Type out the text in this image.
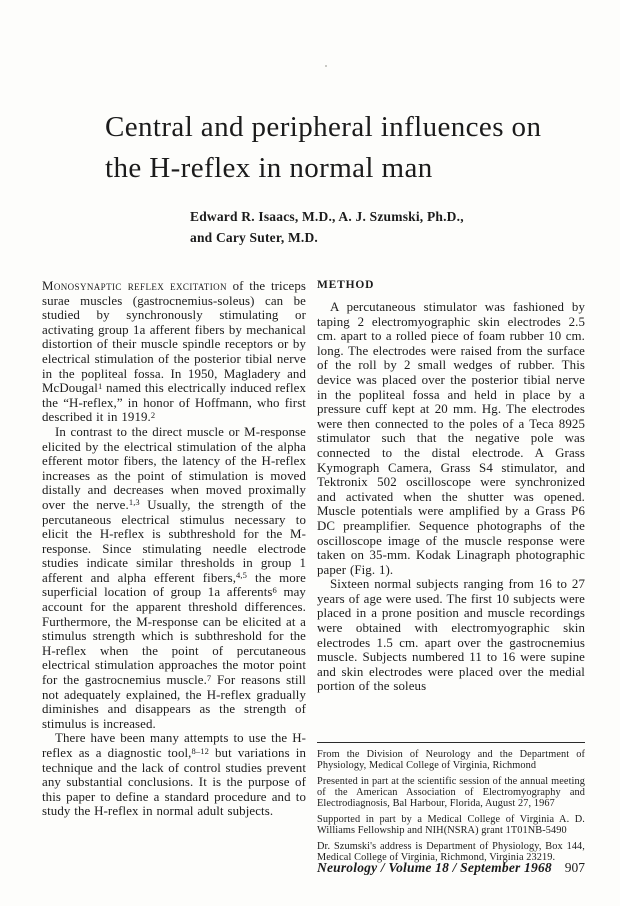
Central and peripheral influences on
the H-reflex in normal man
Edward R. Isaacs, M.D., A. J. Szumski, Ph.D.,
and Cary Suter, M.D.

Monosynaptic reflex excitation of the triceps surae muscles (gastrocnemius-soleus) can be studied by synchronously stimulating or activating group 1a afferent fibers by mechanical distortion of their muscle spindle receptors or by electrical stimulation of the posterior tibial nerve in the popliteal fossa. In 1950, Magladery and McDougal$^1$ named this electrically induced reflex the “H-reflex,” in honor of Hoffmann, who first described it in 1919.$^2$

In contrast to the direct muscle or M-response elicited by the electrical stimulation of the alpha efferent motor fibers, the latency of the H-reflex increases as the point of stimulation is moved distally and decreases when moved proximally over the nerve.$^{1,3}$ Usually, the strength of the percutaneous electrical stimulus necessary to elicit the H-reflex is subthreshold for the M-response. Since stimulating needle electrode studies indicate similar thresholds in group 1 afferent and alpha efferent fibers,$^{4,5}$ the more superficial location of group 1a afferents$^6$ may account for the apparent threshold differences. Furthermore, the M-response can be elicited at a stimulus strength which is subthreshold for the H-reflex when the point of percutaneous electrical stimulation approaches the motor point for the gastrocnemius muscle.$^7$ For reasons still not adequately explained, the H-reflex gradually diminishes and disappears as the strength of stimulus is increased.

There have been many attempts to use the H-reflex as a diagnostic tool,$^{8-12}$ but variations in technique and the lack of control studies prevent any substantial conclusions. It is the purpose of this paper to define a standard procedure and to study the H-reflex in normal adult subjects.

METHOD

A percutaneous stimulator was fashioned by taping 2 electromyographic skin electrodes 2.5 cm. apart to a rolled piece of foam rubber 10 cm. long. The electrodes were raised from the surface of the roll by 2 small wedges of rubber. This device was placed over the posterior tibial nerve in the popliteal fossa and held in place by a pressure cuff kept at 20 mm. Hg. The electrodes were then connected to the poles of a Teca 8925 stimulator such that the negative pole was connected to the distal electrode. A Grass Kymograph Camera, Grass S4 stimulator, and Tektronix 502 oscilloscope were synchronized and activated when the shutter was opened. Muscle potentials were amplified by a Grass P6 DC preamplifier. Sequence photographs of the oscilloscope image of the muscle response were taken on 35-mm. Kodak Linagraph photographic paper (Fig. 1).

Sixteen normal subjects ranging from 16 to 27 years of age were used. The first 10 subjects were placed in a prone position and muscle recordings were obtained with electromyographic skin electrodes 1.5 cm. apart over the gastrocnemius muscle. Subjects numbered 11 to 16 were supine and skin electrodes were placed over the medial portion of the soleus

From the Division of Neurology and the Department of Physiology, Medical College of Virginia, Richmond

Presented in part at the scientific session of the annual meeting of the American Association of Electromyography and Electrodiagnosis, Bal Harbour, Florida, August 27, 1967

Supported in part by a Medical College of Virginia A. D. Williams Fellowship and NIH(NSRA) grant 1T01NB-5490

Dr. Szumski's address is Department of Physiology, Box 144, Medical College of Virginia, Richmond, Virginia 23219.

Neurology / Volume 18 / September 1968 907
